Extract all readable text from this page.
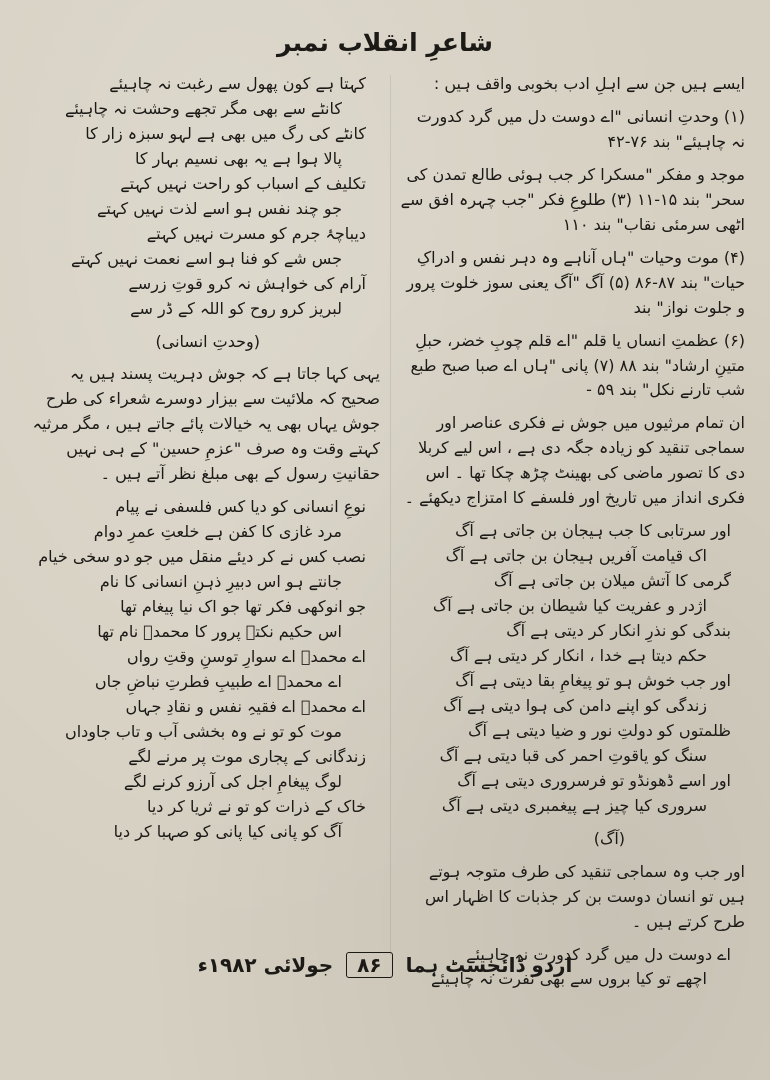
شاعرِ انقلاب نمبر

ایسے ہیں جن سے اہلِ ادب بخوبی واقف ہیں :

(۱) وحدتِ انسانی "اے دوست دل میں گرد کدورت نہ چاہیئے" بند ۷۶-۴۲

موجد و مفکر "مسکرا کر جب ہوئی طالع تمدن کی سحر" بند ۱۵-۱۱ (۳) طلوعِ فکر "جب چہرہ افق سے اٹھی سرمئی نقاب" بند ۱۱۰

(۴) موت وحیات "ہاں آناہے وہ دہر نفس و ادراکِ حیات" بند ۸۷-۸۶ (۵) آگ "آگ یعنی سوز خلوت پرور و جلوت نواز" بند

(۶) عظمتِ انساں یا قلم "اے قلم چوبِ خضر، حبلِ متینِ ارشاد" بند ۸۸ (۷) پانی "ہاں اے صبا صبح طبع شب تارنے نکل" بند ۵۹ -

ان تمام مرثیوں میں جوش نے فکری عناصر اور سماجی تنقید کو زیادہ جگہ دی ہے ، اس لیے کربلا دی کا تصور ماضی کی بھینٹ چڑھ چکا تھا ۔ اس فکری انداز میں تاریخ اور فلسفے کا امتزاج دیکھئے ۔

اور سرتابی کا جب ہیجان بن جاتی ہے آگ
اک قیامت آفریں ہیجان بن جاتی ہے آگ
گرمی کا آتش میلان بن جاتی ہے آگ
اژدر و عفریت کیا شیطان بن جاتی ہے آگ
بندگی کو نذرِ انکار کر دیتی ہے آگ
حکم دیتا ہے خدا ، انکار کر دیتی ہے آگ
اور جب خوش ہو تو پیغامِ بقا دیتی ہے آگ
زندگی کو اپنے دامن کی ہوا دیتی ہے آگ
ظلمتوں کو دولتِ نور و ضیا دیتی ہے آگ
سنگ کو یاقوتِ احمر کی قبا دیتی ہے آگ
اور اسے ڈھونڈو تو فرسروری دیتی ہے آگ
سروری کیا چیز ہے پیغمبری دیتی ہے آگ

(آگ)

اور جب وہ سماجی تنقید کی طرف متوجہ ہوتے ہیں تو انسان دوست بن کر جذبات کا اظہار اس طرح کرتے ہیں ۔

اے دوست دل میں گرد کدورت نہ چاہیئے
اچھے تو کیا بروں سے بھی نفرت نہ چاہیئے
کہتا ہے کون پھول سے رغبت نہ چاہیئے
کانٹے سے بھی مگر تجھے وحشت نہ چاہیئے
کانٹے کی رگ میں بھی ہے لہو سبزہ زار کا
پالا ہوا ہے یہ بھی نسیم بہار کا
تکلیف کے اسباب کو راحت نہیں کہتے
جو چند نفس ہو اسے لذت نہیں کہتے
دیباچۂ جرم کو مسرت نہیں کہتے
جس شے کو فنا ہو اسے نعمت نہیں کہتے
آرام کی خواہش نہ کرو قوتِ زرسے
لبریز کرو روح کو اللہ کے ڈر سے

(وحدتِ انسانی)

یہی کہا جاتا ہے کہ جوش دہریت پسند ہیں یہ صحیح کہ ملائیت سے بیزار دوسرے شعراء کی طرح جوش یہاں بھی یہ خیالات پائے جاتے ہیں ، مگر مرثیہ کہتے وقت وہ صرف "عزمِ حسین" کے ہی نہیں حقانیتِ رسول کے بھی مبلغ نظر آتے ہیں ۔

نوعِ انسانی کو دیا کس فلسفی نے پیام
مرد غازی کا کفن ہے خلعتِ عمرِ دوام
نصب کس نے کر دیئے منقل میں جو دو سخی خیام
جانتے ہو اس دبیرِ ذہنِ انسانی کا نام
جو انوکھی فکر تھا جو اک نیا پیغام تھا
اس حکیم نکتہ پرور کا محمدؐ نام تھا
اے محمدؐ اے سوارِ توسنِ وقتِ رواں
اے محمدؐ اے طبیبِ فطرتِ نباضِ جاں
اے محمدؐ اے فقیہِ نفس و نقادِ جہاں
موت کو تو نے وہ بخشی آب و تاب جاوداں
زندگانی کے پجاری موت پر مرنے لگے
لوگ پیغامِ اجل کی آرزو کرنے لگے
خاک کے ذرات کو تو نے ثریا کر دیا
آگ کو پانی کیا پانی کو صہبا کر دیا
اردو ڈائجسٹ ہما ۸۶ جولائی ۱۹۸۲ء
